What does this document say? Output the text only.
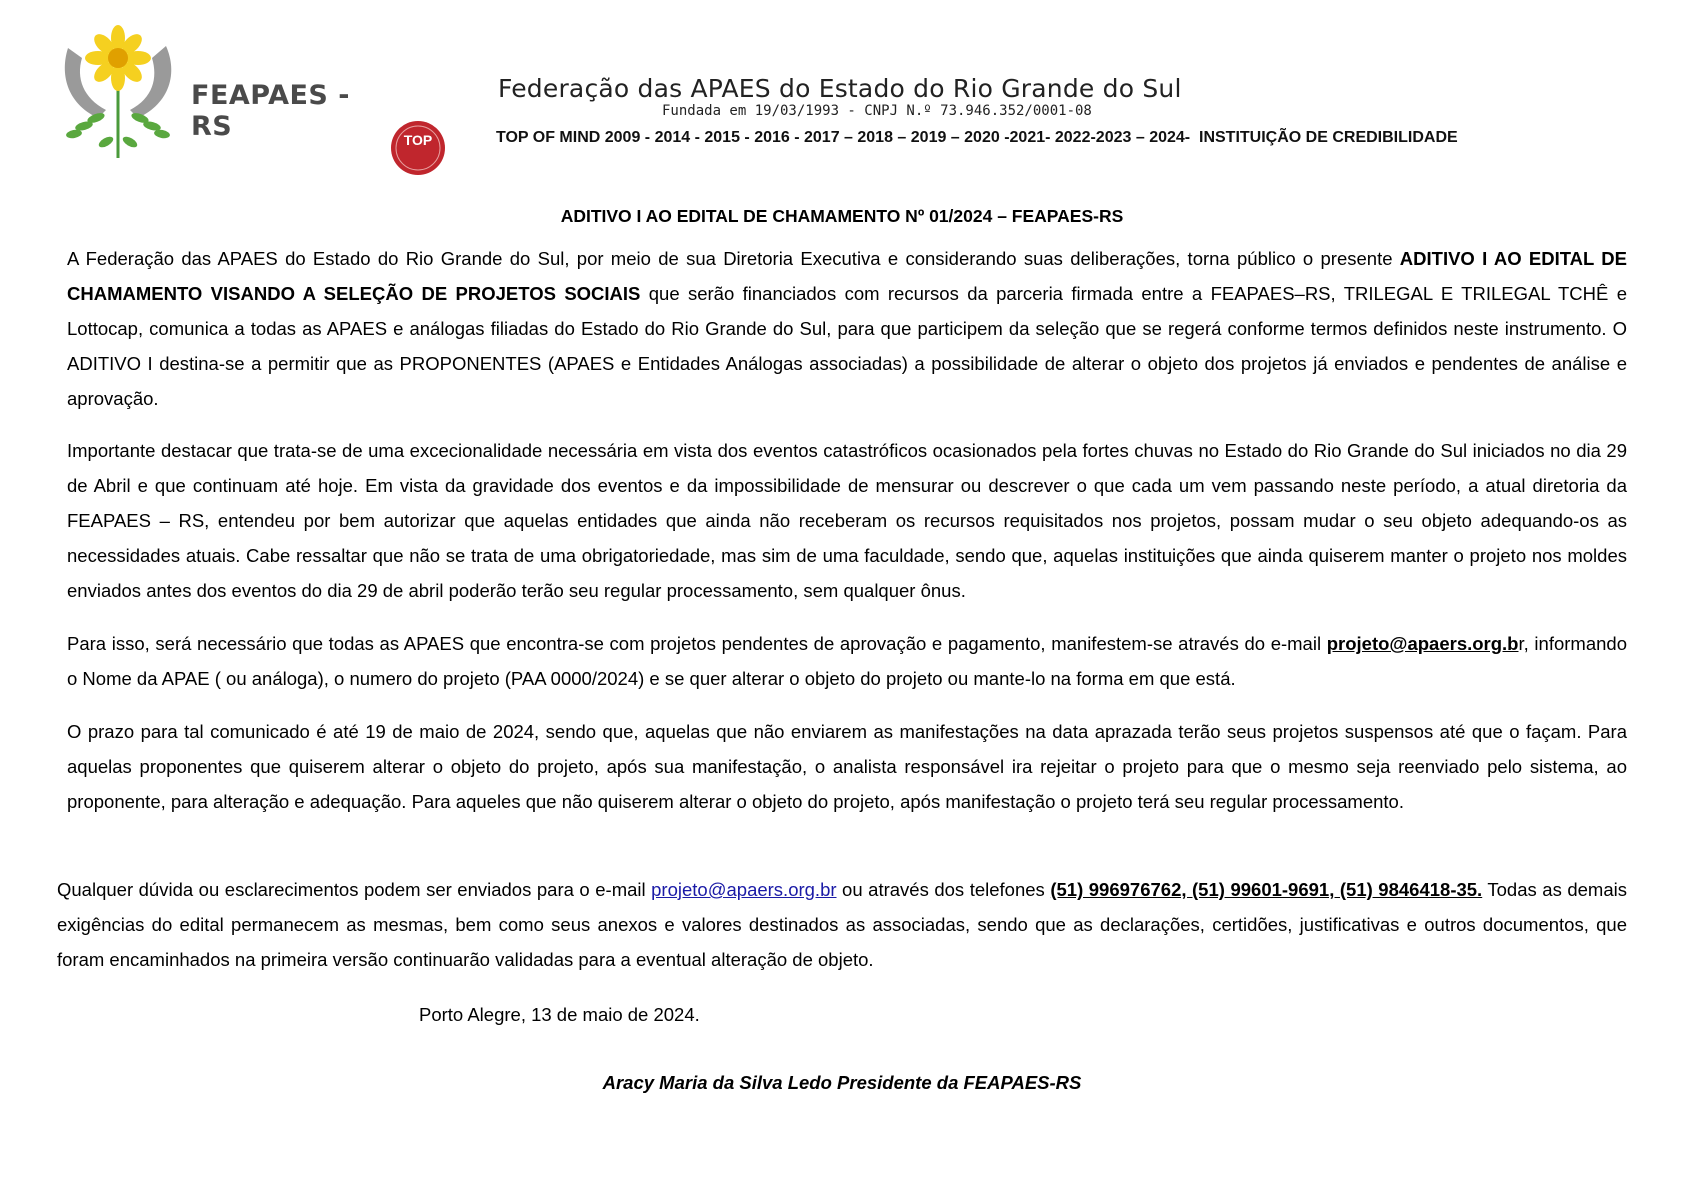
FEAPAES - RS	TOP
Federação das APAES do Estado do Rio Grande do Sul
Fundada em 19/03/1993 - CNPJ N.º 73.946.352/0001-08
TOP OF MIND 2009 - 2014 - 2015 - 2016 - 2017 – 2018 – 2019 – 2020 -2021- 2022-2023 – 2024-  INSTITUIÇÃO DE CREDIBILIDADE
ADITIVO I AO EDITAL DE CHAMAMENTO Nº 01/2024 – FEAPAES-RS

A Federação das APAES do Estado do Rio Grande do Sul, por meio de sua Diretoria Executiva e considerando suas deliberações, torna público o presente ADITIVO I AO EDITAL DE CHAMAMENTO VISANDO A SELEÇÃO DE PROJETOS SOCIAIS que serão financiados com recursos da parceria firmada entre a FEAPAES–RS, TRILEGAL E TRILEGAL TCHÊ e Lottocap, comunica a todas as APAES e análogas filiadas do Estado do Rio Grande do Sul, para que participem da seleção que se regerá conforme termos definidos neste instrumento. O ADITIVO I destina-se a permitir que as PROPONENTES (APAES e Entidades Análogas associadas) a possibilidade de alterar o objeto dos projetos já enviados e pendentes de análise e aprovação.

Importante destacar que trata-se de uma excecionalidade necessária em vista dos eventos catastróficos ocasionados pela fortes chuvas no Estado do Rio Grande do Sul iniciados no dia 29 de Abril e que continuam até hoje. Em vista da gravidade dos eventos e da impossibilidade de mensurar ou descrever o que cada um vem passando neste período, a atual diretoria da FEAPAES – RS, entendeu por bem autorizar que aquelas entidades que ainda não receberam os recursos requisitados nos projetos, possam mudar o seu objeto adequando-os as necessidades atuais. Cabe ressaltar que não se trata de uma obrigatoriedade, mas sim de uma faculdade, sendo que, aquelas instituições que ainda quiserem manter o projeto nos moldes enviados antes dos eventos do dia 29 de abril poderão terão seu regular processamento, sem qualquer ônus.

Para isso, será necessário que todas as APAES que encontra-se com projetos pendentes de aprovação e pagamento, manifestem-se através do e-mail projeto@apaers.org.br, informando o Nome da APAE ( ou análoga), o numero do projeto (PAA 0000/2024) e se quer alterar o objeto do projeto ou mante-lo na forma em que está.

O prazo para tal comunicado é até 19 de maio de 2024, sendo que, aquelas que não enviarem as manifestações na data aprazada terão seus projetos suspensos até que o façam. Para aquelas proponentes que quiserem alterar o objeto do projeto, após sua manifestação, o analista responsável ira rejeitar o projeto para que o mesmo seja reenviado pelo sistema, ao proponente, para alteração e adequação. Para aqueles que não quiserem alterar o objeto do projeto, após manifestação o projeto terá seu regular processamento.

Qualquer dúvida ou esclarecimentos podem ser enviados para o e-mail projeto@apaers.org.br ou através dos telefones (51) 996976762, (51) 99601-9691, (51) 9846418-35. Todas as demais exigências do edital permanecem as mesmas, bem como seus anexos e valores destinados as associadas, sendo que as declarações, certidões, justificativas e outros documentos, que foram encaminhados na primeira versão continuarão validadas para a eventual alteração de objeto.

Porto Alegre, 13 de maio de 2024.
Aracy Maria da Silva Ledo Presidente da FEAPAES-RS
